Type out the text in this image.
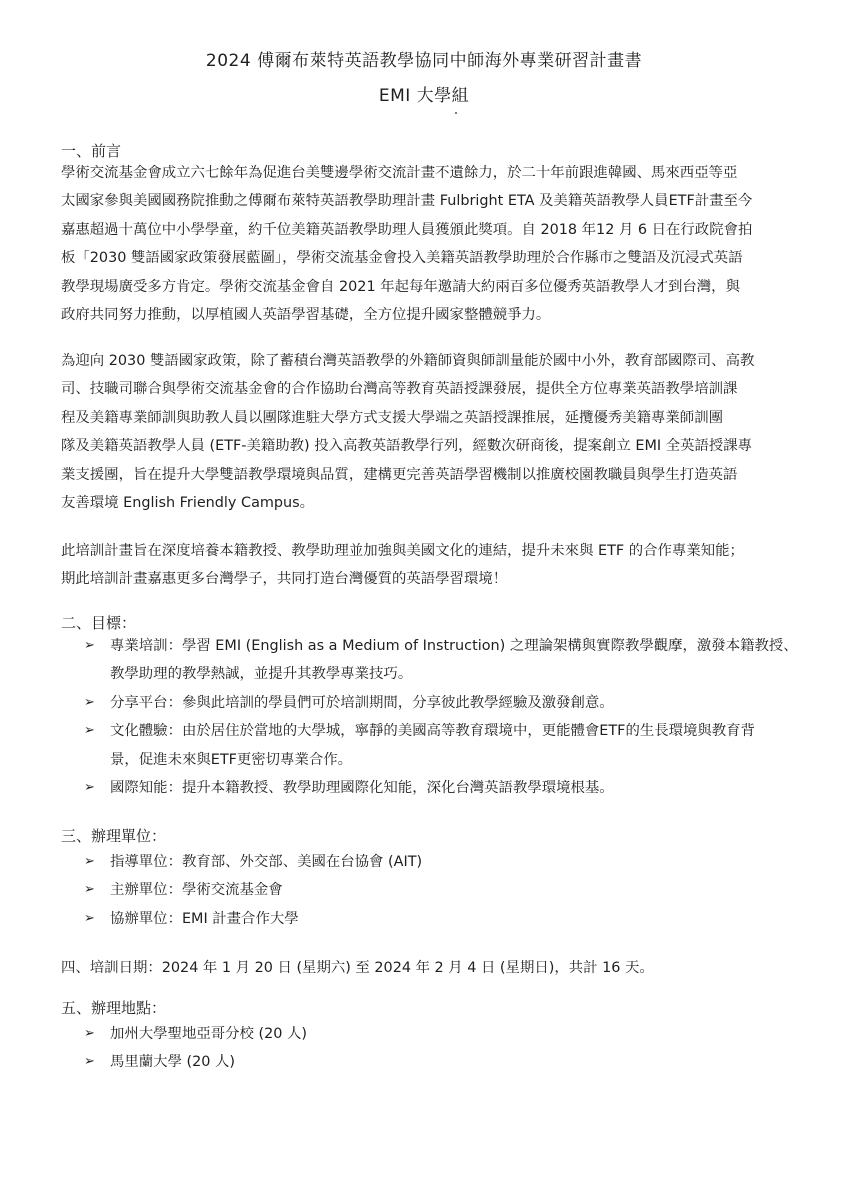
2024 傅爾布萊特英語教學協同中師海外專業研習計畫書
EMI 大學組
一、前言
學術交流基金會成立六七餘年為促進台美雙邊學術交流計畫不遺餘力，於二十年前跟進韓國、馬來西亞等亞
太國家參與美國國務院推動之傅爾布萊特英語教學助理計畫 Fulbright ETA 及美籍英語教學人員ETF計畫至今
嘉惠超過十萬位中小學學童，約千位美籍英語教學助理人員獲頒此獎項。自 2018 年12 月 6 日在行政院會拍
板「2030 雙語國家政策發展藍圖」，學術交流基金會投入美籍英語教學助理於合作縣市之雙語及沉浸式英語
教學現場廣受多方肯定。學術交流基金會自 2021 年起每年邀請大約兩百多位優秀英語教學人才到台灣，與
政府共同努力推動，以厚植國人英語學習基礎，全方位提升國家整體競爭力。
為迎向 2030 雙語國家政策，除了蓄積台灣英語教學的外籍師資與師訓量能於國中小外，教育部國際司、高教
司、技職司聯合與學術交流基金會的合作協助台灣高等教育英語授課發展，提供全方位專業英語教學培訓課
程及美籍專業師訓與助教人員以團隊進駐大學方式支援大學端之英語授課推展，延攬優秀美籍專業師訓團
隊及美籍英語教學人員 (ETF-美籍助教) 投入高教英語教學行列，經數次研商後，提案創立 EMI 全英語授課專
業支援團，旨在提升大學雙語教學環境與品質，建構更完善英語學習機制以推廣校園教職員與學生打造英語
友善環境 English Friendly Campus。
此培訓計畫旨在深度培養本籍教授、教學助理並加強與美國文化的連結，提升未來與 ETF 的合作專業知能；
期此培訓計畫嘉惠更多台灣學子，共同打造台灣優質的英語學習環境！
二、目標：
➢ 專業培訓：學習 EMI (English as a Medium of Instruction) 之理論架構與實際教學觀摩，激發本籍教授、
教學助理的教學熱誠，並提升其教學專業技巧。
➢ 分享平台：參與此培訓的學員們可於培訓期間，分享彼此教學經驗及激發創意。
➢ 文化體驗：由於居住於當地的大學城，寧靜的美國高等教育環境中，更能體會ETF的生長環境與教育背
景，促進未來與ETF更密切專業合作。
➢ 國際知能：提升本籍教授、教學助理國際化知能，深化台灣英語教學環境根基。
三、辦理單位：
➢ 指導單位：教育部、外交部、美國在台協會 (AIT)
➢ 主辦單位：學術交流基金會
➢ 協辦單位：EMI 計畫合作大學
四、培訓日期：2024 年 1 月 20 日 (星期六) 至 2024 年 2 月 4 日 (星期日)，共計 16 天。
五、辦理地點：
➢ 加州大學聖地亞哥分校 (20 人)
➢ 馬里蘭大學 (20 人)
